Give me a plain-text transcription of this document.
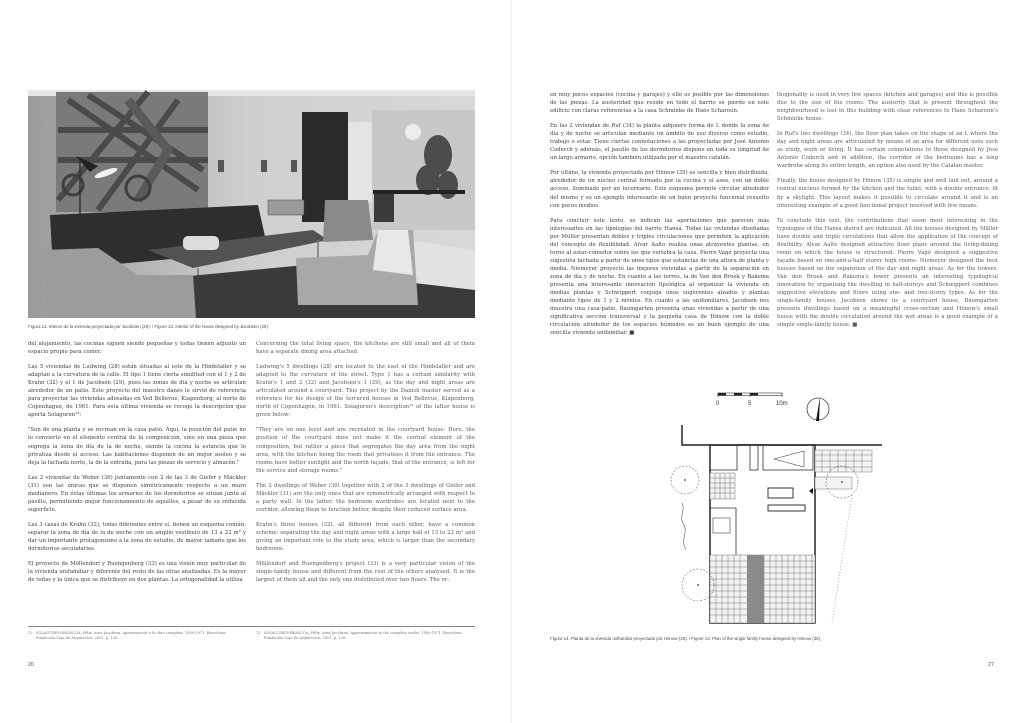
Figura 13. Interior de la vivienda proyectada por Jacobsen (29). / Figure 13. Interior of the house designed by Jacobsen (29).

del alojamiento, las cocinas siguen siendo pequeñas y todas tienen adjunto un espacio propio para comer.

Las 5 viviendas de Ludwing (28) están situadas al este de la Hindelaller y se adaptan a la curvatura de la calle. El tipo 1 tiene cierta similitud con el 1 y 2 de Krahn (32) y el 1 de Jacobsen (29), pues las zonas de día y noche se articulan alrededor de un patio. Este proyecto del maestro danés le sirvió de referencia para proyectar las viviendas adosadas en Ved Bellevue, Klapenborg, al norte de Copenhague, de 1961. Para esta última vivienda se recoge la descripción que aporta Solaguren¹²:

"Son de una planta y se recrean en la casa patio. Aquí, la posición del patio no lo convierte en el elemento central de la composición, sino en una pieza que segrega la zona de día de la de noche, siendo la cocina la estancia que lo privatiza desde el acceso. Las habitaciones disponen de un mejor asoleo y se deja la fachada norte, la de la entrada, para las piezas de servicio y almacén."

Las 2 viviendas de Weber (30) juntamente con 2 de las 3 de Giefer y Mäckler (31) son las únicas que se disponen simétricamente respecto a un muro medianero. En éstas últimas los armarios de los dormitorios se sitúan junto al pasillo, permitiendo mejor funcionamiento de aquéllos, a pesar de su reducida superficie.

Las 3 casas de Krahn (32), todas diferentes entre sí, tienen un esquema común: separar la zona de día de la de noche con un amplio vestíbulo de 13 a 22 m² y dar un importante protagonismo a la zona de estudio, de mayor tamaño que los dormitorios secundarios.

El proyecto de Möllendorf y Ruengenberg (33) es una visión muy particular de la vivienda unifamiliar y diferente del resto de las otras analizadas. Es la mayor de todas y la única que se distribuye en dos plantas. La ortogonalidad la utiliza

Concerning the total living space, the kitchens are still small and all of them have a separate dining area attached.

Ludwing's 5 dwellings (28) are located to the east of the Hindelaller and are adapted to the curvature of the street. Type 1 has a certain similarity with Krahn's 1 and 2 (32) and Jacobsen's 1 (29), as the day and night areas are articulated around a courtyard. This project by the Danish master served as a reference for his design of the terraced houses in Ved Bellevue, Klapenborg, north of Copenhagen, in 1961. Solaguren's description¹² of the latter house is given below:

"They are on one level and are recreated in the courtyard house. Here, the position of the courtyard does not make it the central element of the composition, but rather a piece that segregates the day area from the night area, with the kitchen being the room that privatises it from the entrance. The rooms have better sunlight and the north façade, that of the entrance, is left for the service and storage rooms."

The 2 dwellings of Weber (30) together with 2 of the 3 dwellings of Giefer and Mäckler (31) are the only ones that are symmetrically arranged with respect to a party wall. In the latter, the bedroom wardrobes are located next to the corridor, allowing them to function better, despite their reduced surface area.

Krahn's three houses (32), all different from each other, have a common scheme: separating the day and night areas with a large hall of 13 to 22 m² and giving an important role to the study area, which is larger than the secondary bedrooms.

Möllendorf and Ruengenberg's project (33) is a very particular vision of the single-family house and different from the rest of the others analysed. It is the largest of them all and the only one distributed over two floors. The or-

12 SOLAGUREN-BEASCOA, Félix. Arne Jacobsen. Aproximación a la obra completa. 1950-1971. Barcelona: Fundación Caja de Arquitectos, 2001, p. 136.
12 SOLAGUREN-BEASCOA, Félix. Arne Jacobsen. Approximation to the complete works. 1950-1971. Barcelona: Fundación Caja de Arquitectos, 2001, p. 136.
26

en muy pocos espacios (cocina y garajes) y ello es posible por las dimensiones de las piezas. La austeridad que reside en todo el barrio se pierde en este edificio con claras referencias a la casa Schminke de Hans Scharoun.

En las 2 viviendas de Ruf (34) la planta adquiere forma de L donde la zona de día y de noche se articulan mediante un ámbito de uso diverso como estudio, trabajo o estar. Tiene ciertas connotaciones a las proyectadas por José Antonio Coderch y además, el pasillo de los dormitorios dispone en toda su longitud de un largo armario, opción también utilizada por el maestro catalán.

Por último, la vivienda proyectada por Hönow (35) es sencilla y bien distribuida, alrededor de un núcleo central formado por la cocina y el aseo, con un doble acceso, iluminado por un lucernario. Este esquema permite circular alrededor del mismo y es un ejemplo interesante de un buen proyecto funcional resuelto con pocos medios.

Para concluir este texto, se indican las aportaciones que parecen más interesantes en las tipologías del barrio Hansa. Todas las viviendas diseñadas por Müller presentan dobles y triples circulaciones que permiten la aplicación del concepto de flexibilidad. Alvar Aalto realiza unas atrayentes plantas, en torno al estar-comedor sobre los que vertebra la casa. Pierre Vagó proyecta una sugestiva fachada a partir de unos tipos que estancias de una altura de planta y media. Niemeyer proyectó las mejores viviendas a partir de la separación en zona de día y de noche. En cuanto a las torres, la de Van den Broek y Bakema presenta una interesante innovación tipológica al organizar la vivienda en medias plantas y Schwippert conjuga unos sugerentes alzados y plantas mediante tipos de 1 y 2 niveles. En cuanto a las unifamiliares, Jacobsen nos muestra una casa-patio, Baumgarten presenta unas viviendas a partir de una significativa sección transversal y la pequeña casa de Hönow con la doble circulación alrededor de los espacios húmedos es un buen ejemplo de una sencilla vivienda unifamiliar. ■

thogonality is used in very few spaces (kitchen and garages) and this is possible due to the size of the rooms. The austerity that is present throughout the neighbourhood is lost in this building with clear references to Hans Scharoun's Schminke house.

In Ruf's two dwellings (34), the floor plan takes on the shape of an L where the day and night areas are articulated by means of an area for different uses such as study, work or living. It has certain connotations to those designed by José Antonio Coderch and in addition, the corridor of the bedrooms has a long wardrobe along its entire length, an option also used by the Catalan master.

Finally, the house designed by Hönow (35) is simple and well laid out, around a central nucleus formed by the kitchen and the toilet, with a double entrance, lit by a skylight. This layout makes it possible to circulate around it and is an interesting example of a good functional project resolved with few means.

To conclude this text, the contributions that seem most interesting in the typologies of the Hansa district are indicated. All the houses designed by Müller have double and triple circulations that allow the application of the concept of flexibility. Alvar Aalto designed attractive floor plans around the living-dining room on which the house is structured. Pierre Vagó designed a suggestive façade based on one-and-a-half storey high rooms. Niemeyer designed the best houses based on the separation of the day and night areas. As for the towers, Van den Broek and Bakema's tower presents an interesting typological innovation by organising the dwelling in half-storeys and Schwippert combines suggestive elevations and floors using one- and two-storey types. As for the single-family houses, Jacobsen shows us a courtyard house, Baumgarten presents dwellings based on a meaningful cross-section and Hönow's small house with the double circulation around the wet areas is a good example of a simple single-family house. ■

0	5	10m
Figura 14. Planta de la vivienda unifamiliar proyectada por Hönow (35). / Figure 14. Plan of the single family house designed by Hönow (35).
27
